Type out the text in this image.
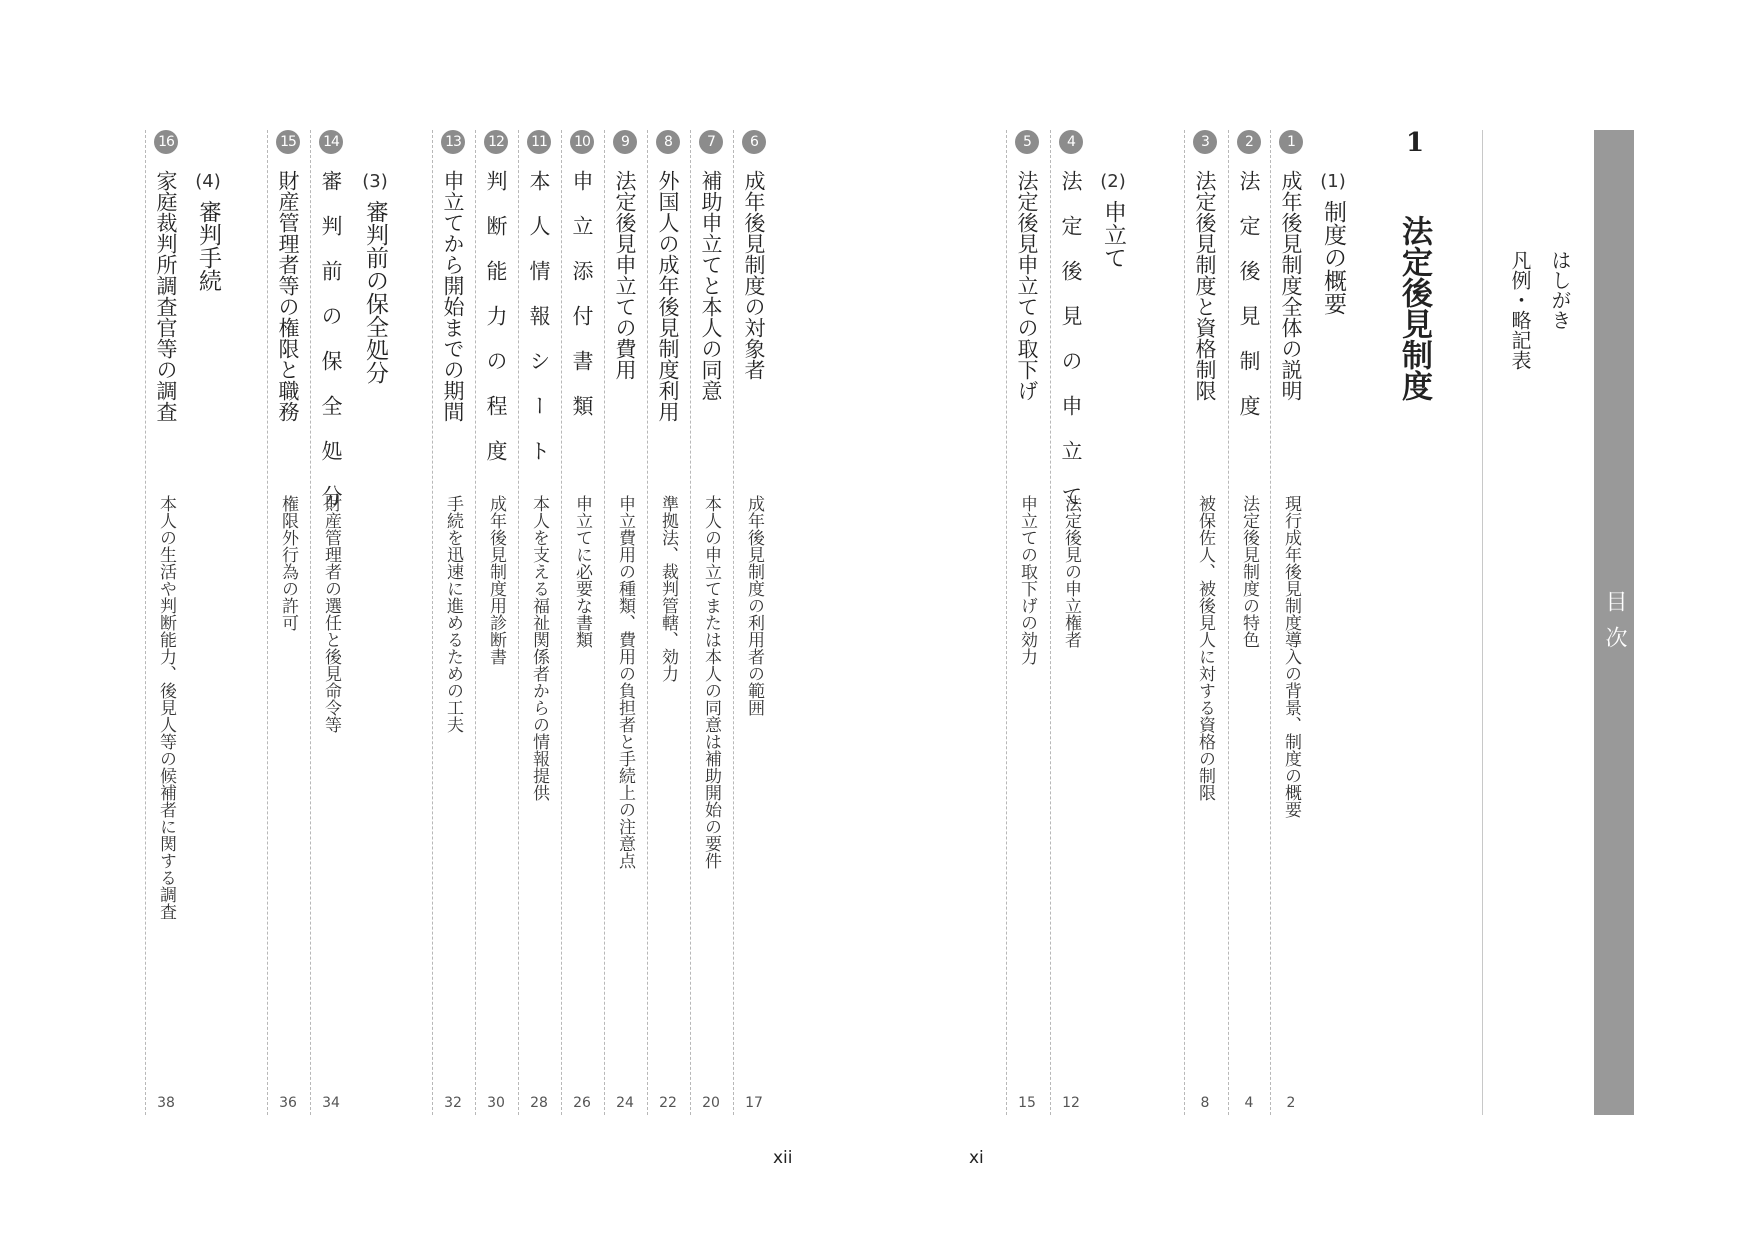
目次
はしがき
凡例・略記表
1
法定後見制度
(1)
制度の概要
1
成年後見制度全体の説明
現行成年後見制度導入の背景、制度の概要
2
2
法 定 後 見 制 度
法定後見制度の特色
4
3
法定後見制度と資格制限
被保佐人、被後見人に対する資格の制限
8
(2)
申立て
4
法 定 後 見 の 申 立 て
法定後見の申立権者
12
5
法定後見申立ての取下げ
申立ての取下げの効力
15
6
成年後見制度の対象者
成年後見制度の利用者の範囲
17
7
補助申立てと本人の同意
本人の申立てまたは本人の同意は補助開始の要件
20
8
外国人の成年後見制度利用
準拠法、裁判管轄、効力
22
9
法定後見申立ての費用
申立費用の種類、費用の負担者と手続上の注意点
24
10
申 立 添 付 書 類
申立てに必要な書類
26
11
本 人 情 報 シ ー ト
本人を支える福祉関係者からの情報提供
28
12
判 断 能 力 の 程 度
成年後見制度用診断書
30
13
申立てから開始までの期間
手続を迅速に進めるための工夫
32
(3)
審判前の保全処分
14
審 判 前 の 保 全 処 分
財産管理者の選任と後見命令等
34
15
財産管理者等の権限と職務
権限外行為の許可
36
(4)
審判手続
16
家庭裁判所調査官等の調査
本人の生活や判断能力、後見人等の候補者に関する調査
38
xii	xi
